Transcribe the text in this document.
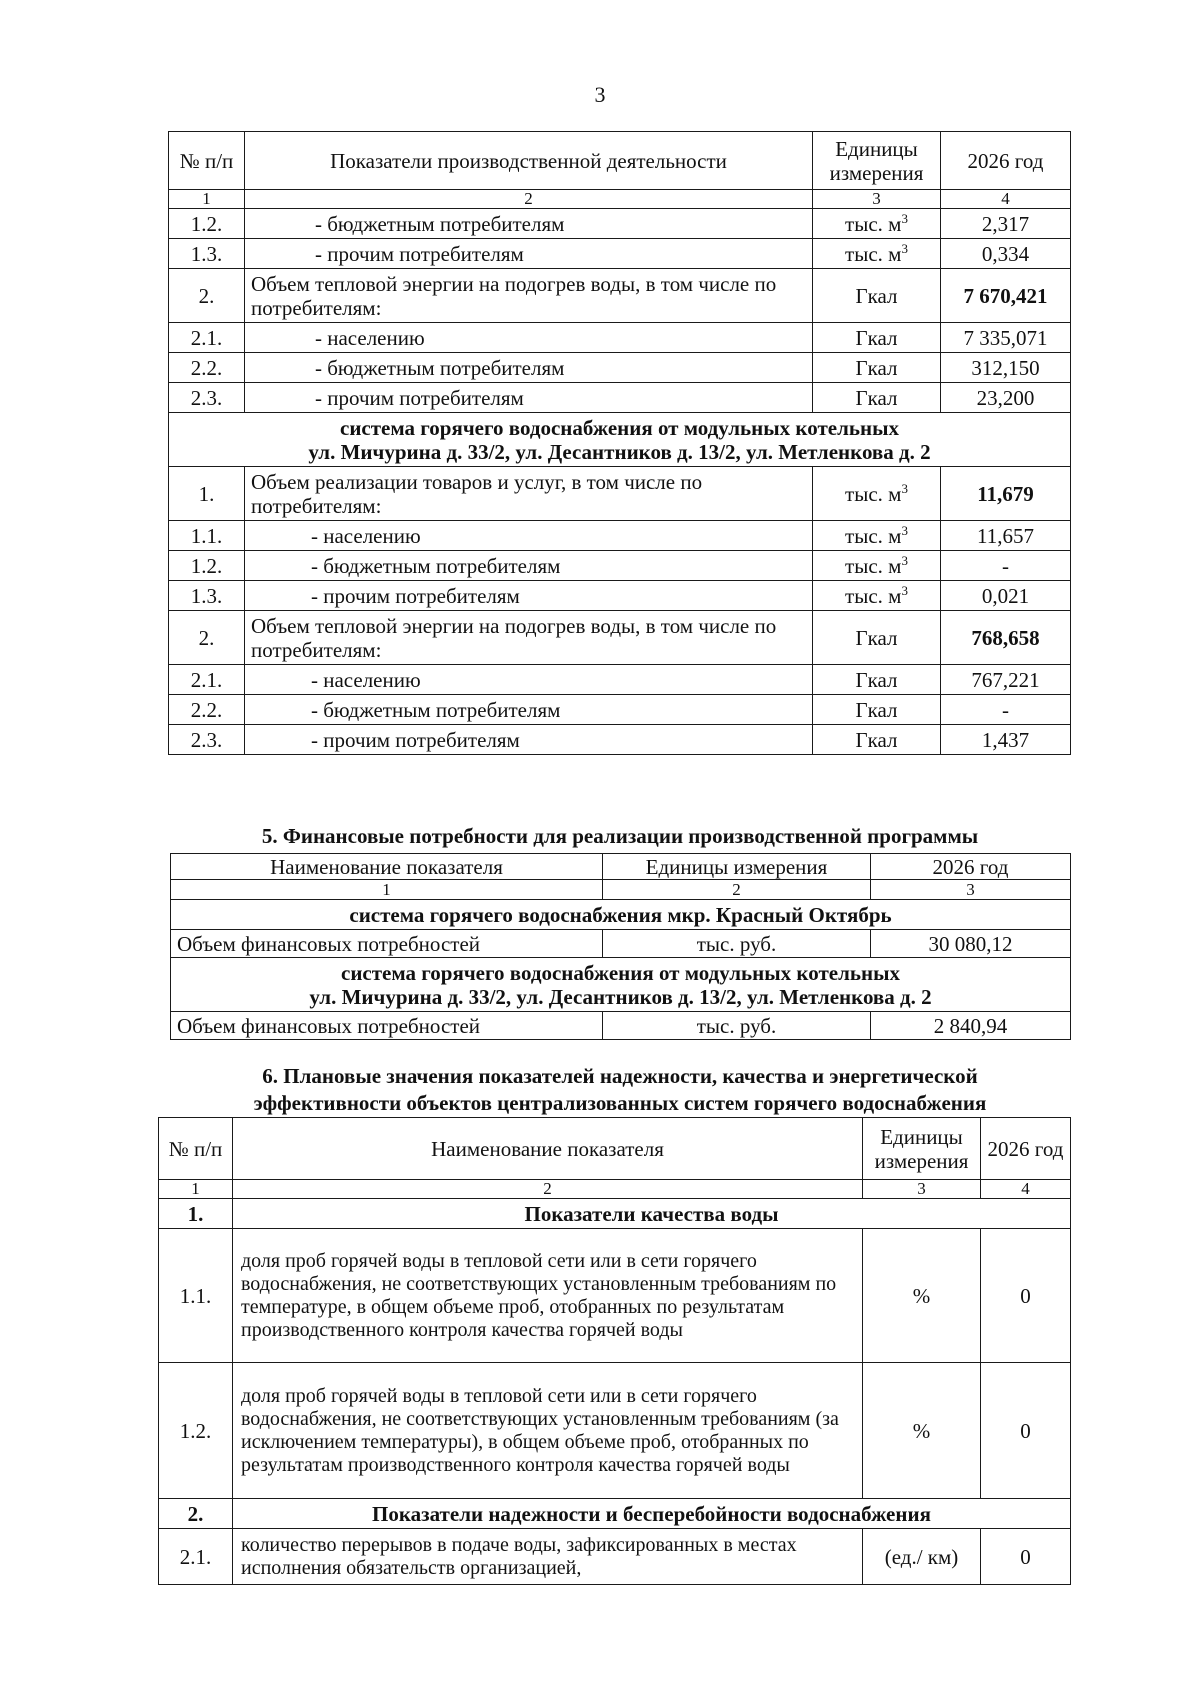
3
№ п/п	Показатели производственной деятельности	Единицы измерения	2026 год
1	2	3	4
1.2.	- бюджетным потребителям	тыс. $м^3$	2,317
1.3.	- прочим потребителям	тыс. $м^3$	0,334
2.	Объем тепловой энергии на подогрев воды, в том числе по потребителям:	Гкал	7 670,421
2.1.	- населению	Гкал	7 335,071
2.2.	- бюджетным потребителям	Гкал	312,150
2.3.	- прочим потребителям	Гкал	23,200

система горячего водоснабжения от модульных котельных
ул. Мичурина д. 33/2, ул. Десантников д. 13/2, ул. Метленкова д. 2			

1.	Объем реализации товаров и услуг, в том числе по потребителям:	тыс. $м^3$	11,679
1.1.	- населению	тыс. $м^3$	11,657
1.2.	- бюджетным потребителям	тыс. $м^3$	-
1.3.	- прочим потребителям	тыс. $м^3$	0,021
2.	Объем тепловой энергии на подогрев воды, в том числе по потребителям:	Гкал	768,658
2.1.	- населению	Гкал	767,221
2.2.	- бюджетным потребителям	Гкал	-
2.3.	- прочим потребителям	Гкал	1,437
5. Финансовые потребности для реализации производственной программы
Наименование показателя	Единицы измерения	2026 год
1	2	3
система горячего водоснабжения мкр. Красный Октябрь		
Объем финансовых потребностей	тыс. руб.	30 080,12

система горячего водоснабжения от модульных котельных
ул. Мичурина д. 33/2, ул. Десантников д. 13/2, ул. Метленкова д. 2		

Объем финансовых потребностей	тыс. руб.	2 840,94
6. Плановые значения показателей надежности, качества и энергетической
эффективности объектов централизованных систем горячего водоснабжения
№ п/п	Наименование показателя	Единицы измерения	2026 год
1	2	3	4
1.	Показатели качества воды		
1.1.	доля проб горячей воды в тепловой сети или в сети горячего водоснабжения, не соответствующих установленным требованиям по температуре, в общем объеме проб, отобранных по результатам производственного контроля качества горячей воды	%	0
1.2.	доля проб горячей воды в тепловой сети или в сети горячего водоснабжения, не соответствующих установленным требованиям (за исключением температуры), в общем объеме проб, отобранных по результатам производственного контроля качества горячей воды	%	0
2.	Показатели надежности и бесперебойности водоснабжения		
2.1.	количество перерывов в подаче воды, зафиксированных в местах исполнения обязательств организацией,	(ед./ км)	0
